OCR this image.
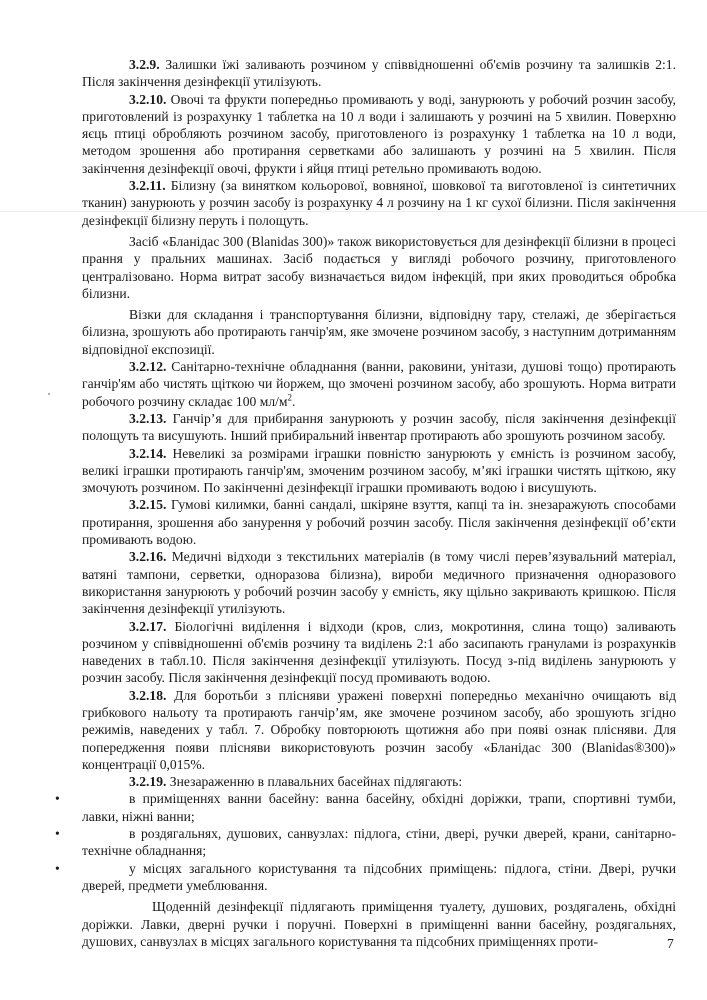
3.2.9. Залишки їжі заливають розчином у співвідношенні об'ємів розчину та залишків 2:1. Після закінчення дезінфекції утилізують.

3.2.10. Овочі та фрукти попередньо промивають у воді, занурюють у робочий розчин засобу, приготовлений із розрахунку 1 таблетка на 10 л води і залишають у розчині на 5 хвилин. Поверхню яєць птиці обробляють розчином засобу, приготовленого із розрахунку 1 таблетка на 10 л води, методом зрошення або протирання серветками або залишають у розчині на 5 хвилин. Після закінчення дезінфекції овочі, фрукти і яйця птиці ретельно промивають водою.

3.2.11. Білизну (за винятком кольорової, вовняної, шовкової та виготовленої із синтетичних тканин) занурюють у розчин засобу із розрахунку 4 л розчину на 1 кг сухої білизни. Після закінчення дезінфекції білизну перуть і полощуть.

Засіб «Бланідас 300 (Blanidas 300)» також використовується для дезінфекції білизни в процесі прання у пральних машинах. Засіб подається у вигляді робочого розчину, приготовленого централізовано. Норма витрат засобу визначається видом інфекцій, при яких проводиться обробка білизни.

Візки для складання і транспортування білизни, відповідну тару, стелажі, де зберігається білизна, зрошують або протирають ганчір'ям, яке змочене розчином засобу, з наступним дотриманням відповідної експозиції.

3.2.12. Санітарно-технічне обладнання (ванни, раковини, унітази, душові тощо) протирають ганчір'ям або чистять щіткою чи йоржем, що змочені розчином засобу, або зрошують. Норма витрати робочого розчину складає 100 $мл/м^2$.

3.2.13. Ганчір’я для прибирання занурюють у розчин засобу, після закінчення дезінфекції полощуть та висушують. Інший прибиральний інвентар протирають або зрошують розчином засобу.

3.2.14. Невеликі за розмірами іграшки повністю занурюють у ємність із розчином засобу, великі іграшки протирають ганчір'ям, змоченим розчином засобу, м’які іграшки чистять щіткою, яку змочують розчином. По закінченні дезінфекції іграшки промивають водою і висушують.

3.2.15. Гумові килимки, банні сандалі, шкіряне взуття, капці та ін. знезаражують способами протирання, зрошення або занурення у робочий розчин засобу. Після закінчення дезінфекції об’єкти промивають водою.

3.2.16. Медичні відходи з текстильних матеріалів (в тому числі перев’язувальний матеріал, ватяні тампони, серветки, одноразова білизна), вироби медичного призначення одноразового використання занурюють у робочий розчин засобу у ємність, яку щільно закривають кришкою. Після закінчення дезінфекції утилізують.

3.2.17. Біологічні виділення і відходи (кров, слиз, мокротиння, слина тощо) заливають розчином у співвідношенні об'ємів розчину та виділень 2:1 або засипають гранулами із розрахунків наведених в табл.10. Після закінчення дезінфекції утилізують. Посуд з-під виділень занурюють у розчин засобу. Після закінчення дезінфекції посуд промивають водою.

3.2.18. Для боротьби з плісняви уражені поверхні попередньо механічно очищають від грибкового нальоту та протирають ганчір’ям, яке змочене розчином засобу, або зрошують згідно режимів, наведених у табл. 7. Обробку повторюють щотижня або при появі ознак плісняви. Для попередження появи плісняви використовують розчин засобу «Бланідас 300 (Blanidas®300)» концентрації 0,015%.

3.2.19. Знезараженню в плавальних басейнах підлягають:

•	в приміщеннях ванни басейну: ванна басейну, обхідні доріжки, трапи, спортивні тумби, лавки, ніжні ванни;

•	в роздягальнях, душових, санвузлах: підлога, стіни, двері, ручки дверей, крани, санітарно-технічне обладнання;

•	у місцях загального користування та підсобних приміщень: підлога, стіни. Двері, ручки дверей, предмети умеблювання.

Щоденній дезінфекції підлягають приміщення туалету, душових, роздягалень, обхідні доріжки. Лавки, дверні ручки і поручні. Поверхні в приміщенні ванни басейну, роздягальнях, душових, санвузлах в місцях загального користування та підсобних приміщеннях проти-	7
